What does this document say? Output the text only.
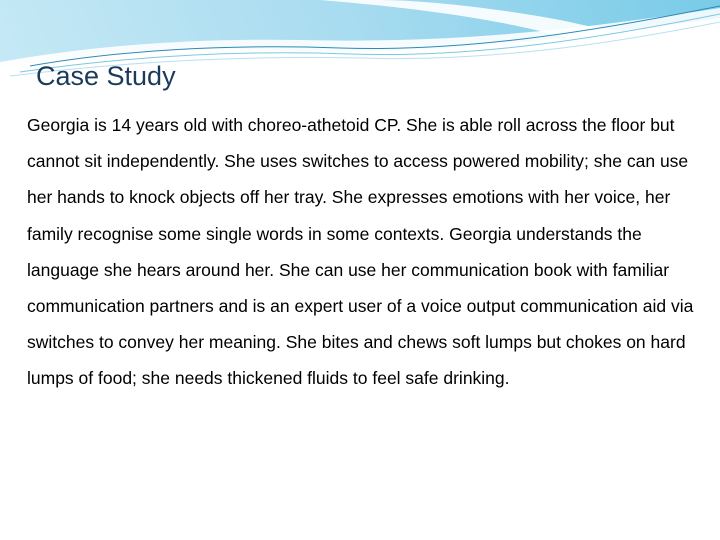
Case Study

Georgia is 14 years old with choreo-athetoid CP. She is able roll across the floor but cannot sit independently. She uses switches to access powered mobility; she can use her hands to knock objects off her tray. She expresses emotions with her voice, her family recognise some single words in some contexts. Georgia understands the language she hears around her. She can use her communication book with familiar communication partners and is an expert user of a voice output communication aid via switches to convey her meaning. She bites and chews soft lumps but chokes on hard lumps of food; she needs thickened fluids to feel safe drinking.
